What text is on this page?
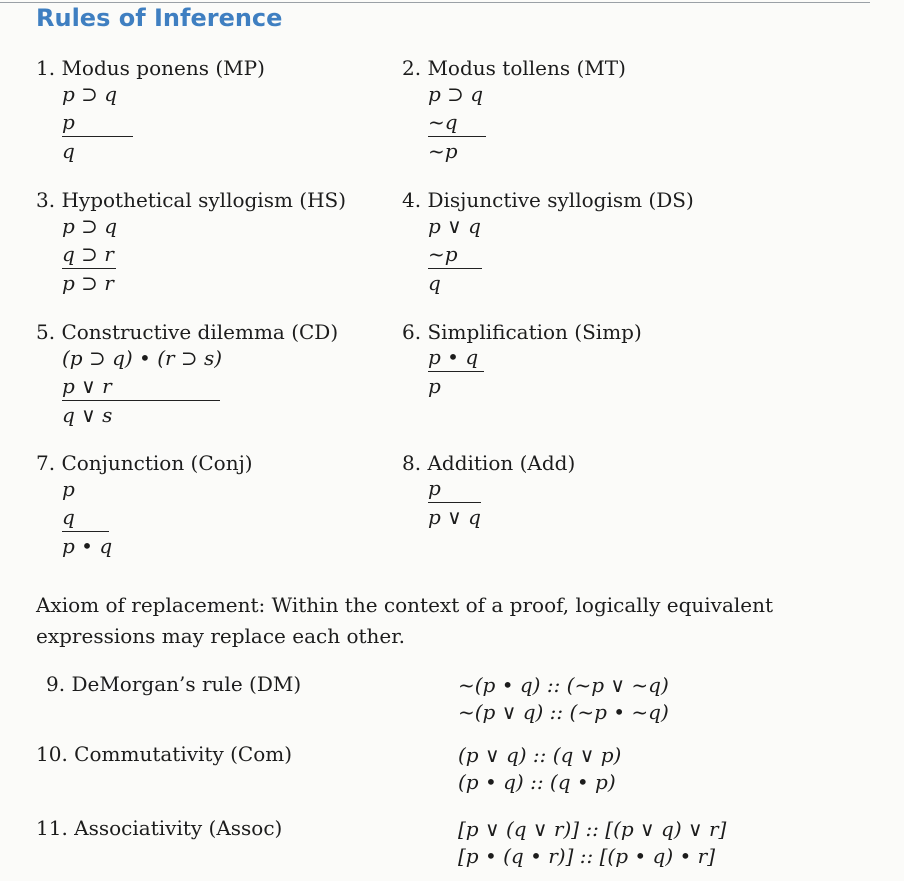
Rules of Inference
1. Modus ponens (MP)
p ⊃ q
p
q
2. Modus tollens (MT)
p ⊃ q
~q
~p
3. Hypothetical syllogism (HS)
p ⊃ q
q ⊃ r
p ⊃ r
4. Disjunctive syllogism (DS)
p ∨ q
~p
q
5. Constructive dilemma (CD)
(p ⊃ q) • (r ⊃ s)
p ∨ r
q ∨ s
6. Simplification (Simp)
p • q
p
7. Conjunction (Conj)
p
q
p • q
8. Addition (Add)
p
p ∨ q
Axiom of replacement: Within the context of a proof, logically equivalent expressions may replace each other.
9. DeMorgan’s rule (DM)	~(p • q) :: (~p ∨ ~q)
~(p ∨ q) :: (~p • ~q)
10. Commutativity (Com)	(p ∨ q) :: (q ∨ p)
(p • q) :: (q • p)
11. Associativity (Assoc)	[p ∨ (q ∨ r)] :: [(p ∨ q) ∨ r]
[p • (q • r)] :: [(p • q) • r]
